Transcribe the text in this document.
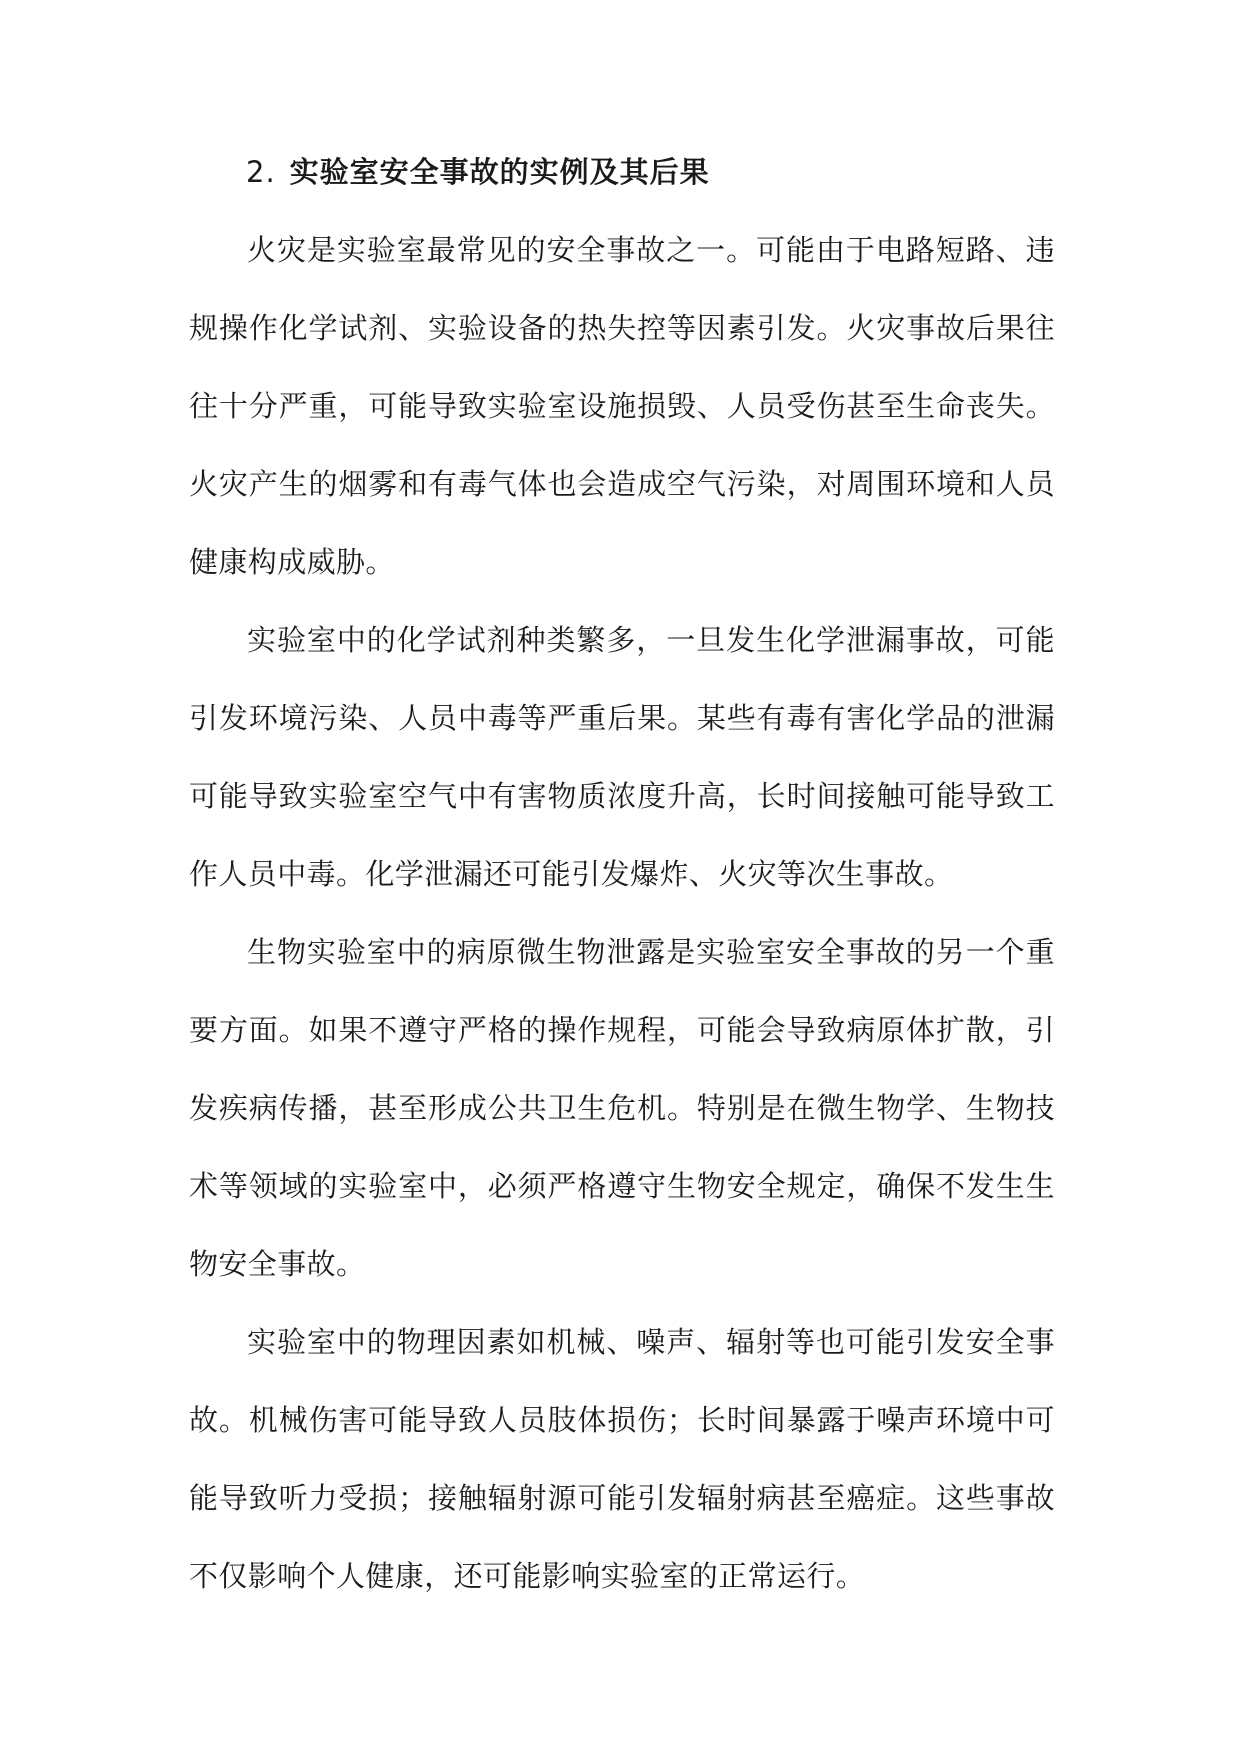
2. 实验室安全事故的实例及其后果

火灾是实验室最常见的安全事故之一。可能由于电路短路、违规操作化学试剂、实验设备的热失控等因素引发。火灾事故后果往往十分严重，可能导致实验室设施损毁、人员受伤甚至生命丧失。火灾产生的烟雾和有毒气体也会造成空气污染，对周围环境和人员健康构成威胁。

实验室中的化学试剂种类繁多，一旦发生化学泄漏事故，可能引发环境污染、人员中毒等严重后果。某些有毒有害化学品的泄漏可能导致实验室空气中有害物质浓度升高，长时间接触可能导致工作人员中毒。化学泄漏还可能引发爆炸、火灾等次生事故。

生物实验室中的病原微生物泄露是实验室安全事故的另一个重要方面。如果不遵守严格的操作规程，可能会导致病原体扩散，引发疾病传播，甚至形成公共卫生危机。特别是在微生物学、生物技术等领域的实验室中，必须严格遵守生物安全规定，确保不发生生物安全事故。

实验室中的物理因素如机械、噪声、辐射等也可能引发安全事故。机械伤害可能导致人员肢体损伤；长时间暴露于噪声环境中可能导致听力受损；接触辐射源可能引发辐射病甚至癌症。这些事故不仅影响个人健康，还可能影响实验室的正常运行。
